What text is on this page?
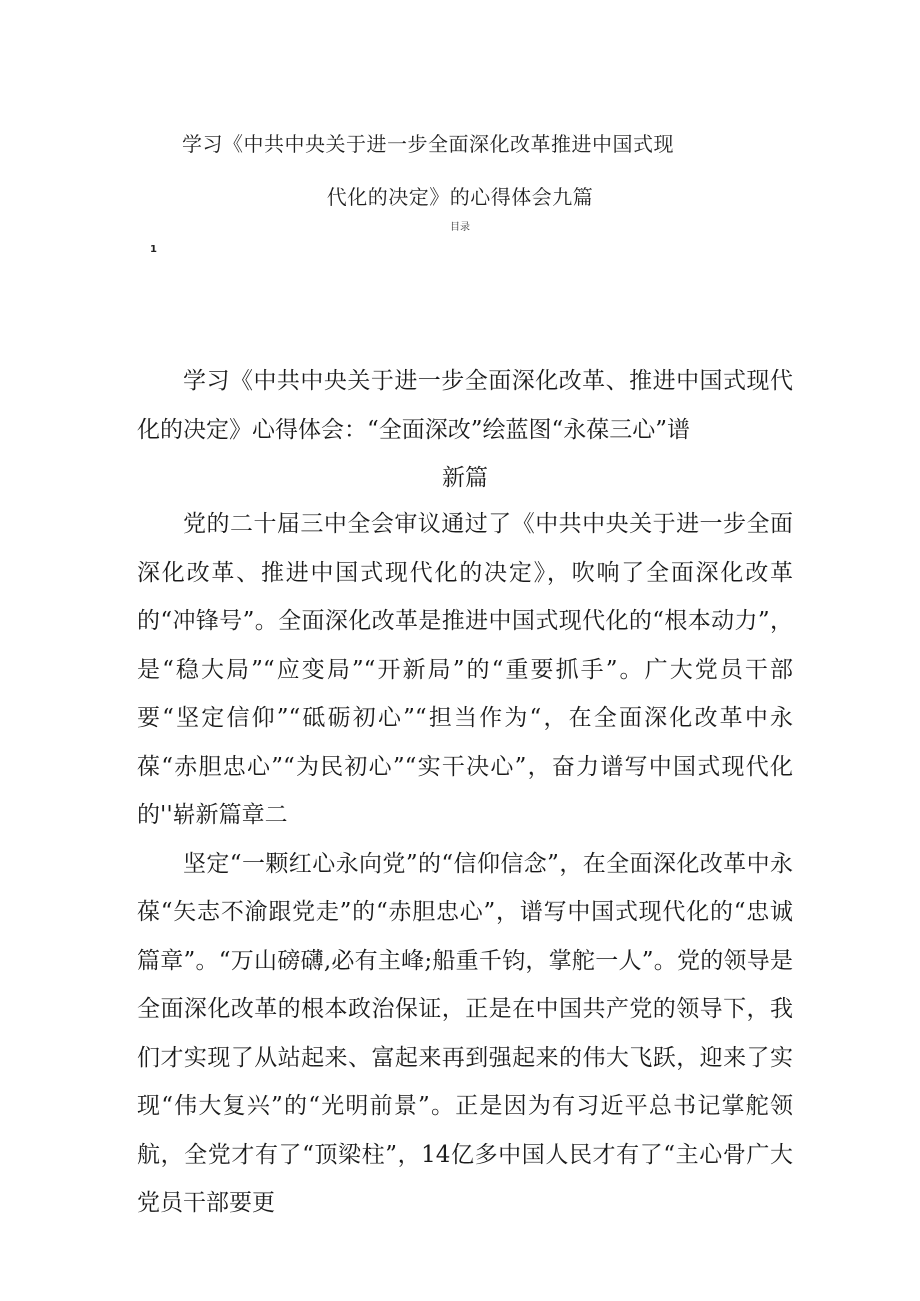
学习《中共中央关于进一步全面深化改革推进中国式现
代化的决定》的心得体会九篇
目录
1

学习《中共中央关于进一步全面深化改革、推进中国式现代化的决定》心得体会：“全面深改”绘蓝图“永葆三心”谱

新篇

党的二十届三中全会审议通过了《中共中央关于进一步全面深化改革、推进中国式现代化的决定》，吹响了全面深化改革的“冲锋号”。全面深化改革是推进中国式现代化的“根本动力”，是“稳大局”“应变局”“开新局”的“重要抓手”。广大党员干部要“坚定信仰”“砥砺初心”“担当作为“，在全面深化改革中永葆“赤胆忠心”“为民初心”“实干决心”，奋力谱写中国式现代化的''崭新篇章二

坚定“一颗红心永向党”的“信仰信念”，在全面深化改革中永葆“矢志不渝跟党走”的“赤胆忠心”，谱写中国式现代化的“忠诚篇章”。“万山磅礴,必有主峰;船重千钧，掌舵一人”。党的领导是全面深化改革的根本政治保证，正是在中国共产党的领导下，我们才实现了从站起来、富起来再到强起来的伟大飞跃，迎来了实现“伟大复兴”的“光明前景”。正是因为有习近平总书记掌舵领航，全党才有了“顶梁柱”，14亿多中国人民才有了“主心骨广大党员干部要更
